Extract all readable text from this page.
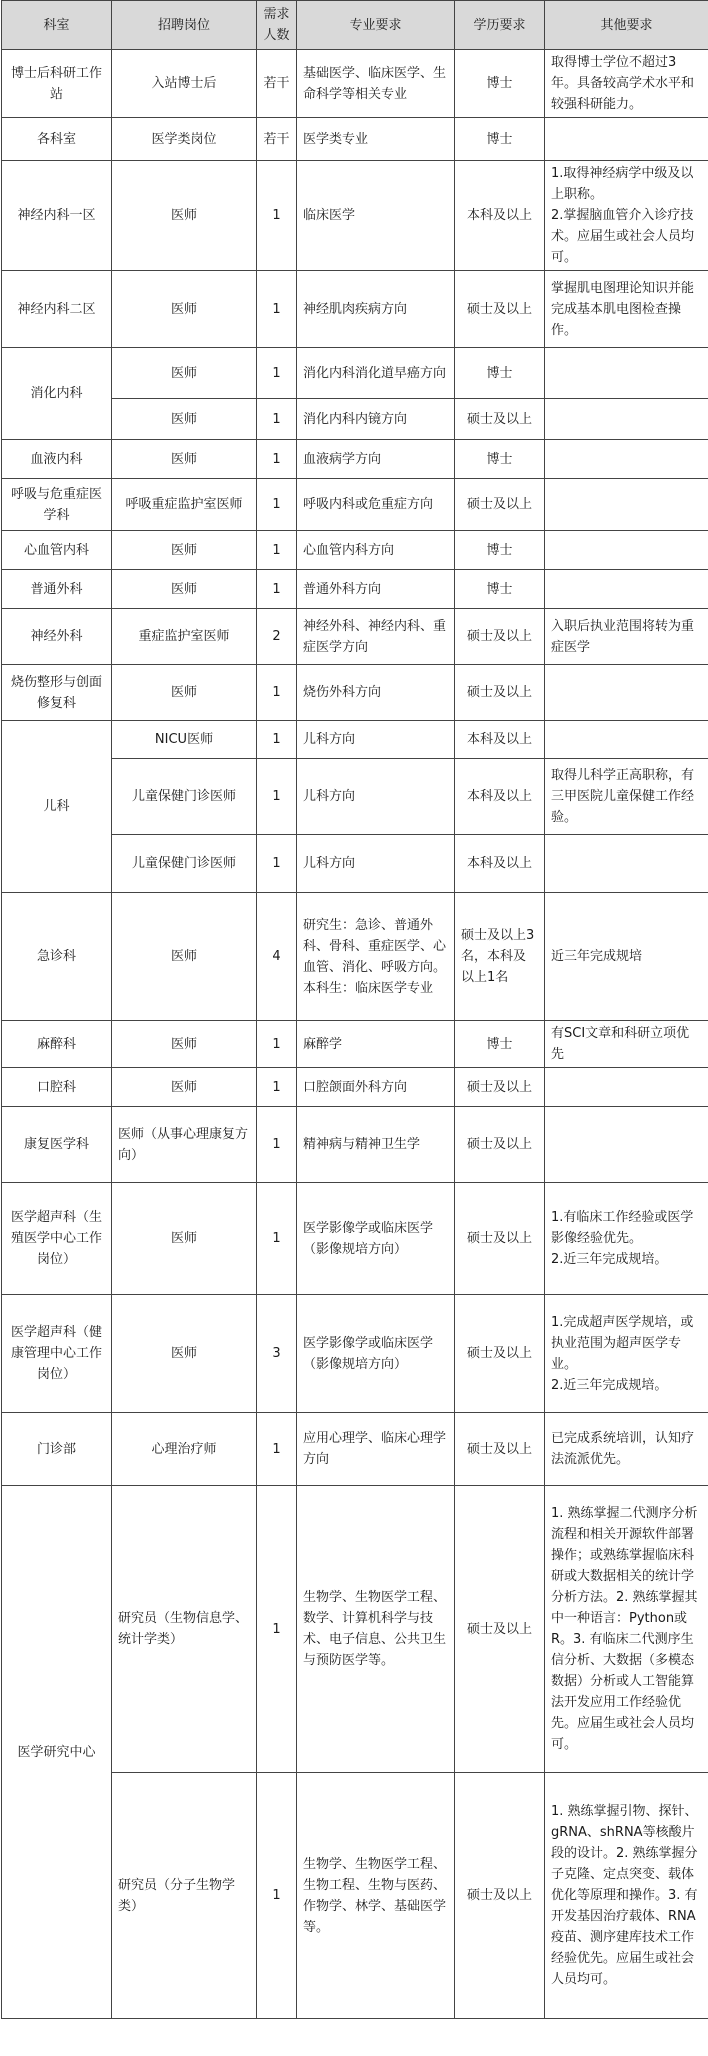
科室	招聘岗位	需求人数	专业要求	学历要求	其他要求
博士后科研工作站	入站博士后	若干	基础医学、临床医学、生命科学等相关专业	博士	取得博士学位不超过3年。具备较高学术水平和较强科研能力。
各科室	医学类岗位	若干	医学类专业	博士	
神经内科一区	医师	1	临床医学	本科及以上	1.取得神经病学中级及以上职称。
2.掌握脑血管介入诊疗技术。应届生或社会人员均可。
神经内科二区	医师	1	神经肌肉疾病方向	硕士及以上	掌握肌电图理论知识并能完成基本肌电图检查操作。
消化内科	医师	1	消化内科消化道早癌方向	博士	
	医师	1	消化内科内镜方向	硕士及以上	
血液内科	医师	1	血液病学方向	博士	
呼吸与危重症医学科	呼吸重症监护室医师	1	呼吸内科或危重症方向	硕士及以上	
心血管内科	医师	1	心血管内科方向	博士	
普通外科	医师	1	普通外科方向	博士	
神经外科	重症监护室医师	2	神经外科、神经内科、重症医学方向	硕士及以上	入职后执业范围将转为重症医学
烧伤整形与创面修复科	医师	1	烧伤外科方向	硕士及以上	
儿科	NICU医师	1	儿科方向	本科及以上	
	儿童保健门诊医师	1	儿科方向	本科及以上	取得儿科学正高职称，有三甲医院儿童保健工作经验。
	儿童保健门诊医师	1	儿科方向	本科及以上	
急诊科	医师	4	研究生：急诊、普通外科、骨科、重症医学、心血管、消化、呼吸方向。本科生：临床医学专业	硕士及以上3名，本科及以上1名	近三年完成规培
麻醉科	医师	1	麻醉学	博士	有SCI文章和科研立项优先
口腔科	医师	1	口腔颌面外科方向	硕士及以上	
康复医学科	医师（从事心理康复方向）	1	精神病与精神卫生学	硕士及以上	
医学超声科（生殖医学中心工作岗位）	医师	1	医学影像学或临床医学（影像规培方向）	硕士及以上	1.有临床工作经验或医学影像经验优先。
2.近三年完成规培。
医学超声科（健康管理中心工作岗位）	医师	3	医学影像学或临床医学（影像规培方向）	硕士及以上	1.完成超声医学规培，或执业范围为超声医学专业。
2.近三年完成规培。
门诊部	心理治疗师	1	应用心理学、临床心理学方向	硕士及以上	已完成系统培训，认知疗法流派优先。
医学研究中心	研究员（生物信息学、统计学类）	1	生物学、生物医学工程、数学、计算机科学与技术、电子信息、公共卫生与预防医学等。	硕士及以上	1. 熟练掌握二代测序分析流程和相关开源软件部署操作；或熟练掌握临床科研或大数据相关的统计学分析方法。2. 熟练掌握其中一种语言：Python或R。3. 有临床二代测序生信分析、大数据（多模态数据）分析或人工智能算法开发应用工作经验优先。应届生或社会人员均可。
	研究员（分子生物学类）	1	生物学、生物医学工程、生物工程、生物与医药、作物学、林学、基础医学等。	硕士及以上	1. 熟练掌握引物、探针、gRNA、shRNA等核酸片段的设计。2. 熟练掌握分子克隆、定点突变、载体优化等原理和操作。3. 有开发基因治疗载体、RNA疫苗、测序建库技术工作经验优先。应届生或社会人员均可。
